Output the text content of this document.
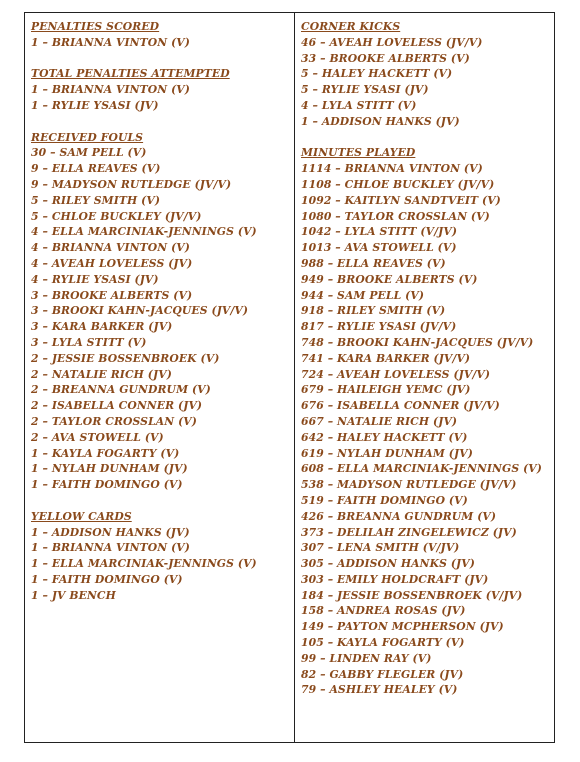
PENALTIES SCORED
1 – BRIANNA VINTON (V)
TOTAL PENALTIES ATTEMPTED
1 – BRIANNA VINTON (V)
1 – RYLIE YSASI (JV)
RECEIVED FOULS
30 – SAM PELL (V)
9 – ELLA REAVES (V)
9 – MADYSON RUTLEDGE (JV/V)
5 – RILEY SMITH (V)
5 – CHLOE BUCKLEY (JV/V)
4 – ELLA MARCINIAK-JENNINGS (V)
4 – BRIANNA VINTON (V)
4 – AVEAH LOVELESS (JV)
4 – RYLIE YSASI (JV)
3 – BROOKE ALBERTS (V)
3 – BROOKI KAHN-JACQUES (JV/V)
3 – KARA BARKER (JV)
3 – LYLA STITT (V)
2 – JESSIE BOSSENBROEK (V)
2 – NATALIE RICH (JV)
2 – BREANNA GUNDRUM (V)
2 – ISABELLA CONNER (JV)
2 – TAYLOR CROSSLAN (V)
2 – AVA STOWELL (V)
1 – KAYLA FOGARTY (V)
1 – NYLAH DUNHAM (JV)
1 – FAITH DOMINGO (V)
YELLOW CARDS
1 – ADDISON HANKS (JV)
1 – BRIANNA VINTON (V)
1 – ELLA MARCINIAK-JENNINGS (V)
1 – FAITH DOMINGO (V)
1 – JV BENCH
CORNER KICKS
46 – AVEAH LOVELESS (JV/V)
33 – BROOKE ALBERTS (V)
5 – HALEY HACKETT (V)
5 – RYLIE YSASI (JV)
4 – LYLA STITT (V)
1 – ADDISON HANKS (JV)
MINUTES PLAYED
1114 – BRIANNA VINTON (V)
1108 – CHLOE BUCKLEY (JV/V)
1092 – KAITLYN SANDTVEIT (V)
1080 – TAYLOR CROSSLAN (V)
1042 – LYLA STITT (V/JV)
1013 – AVA STOWELL (V)
988 – ELLA REAVES (V)
949 – BROOKE ALBERTS (V)
944 – SAM PELL (V)
918 – RILEY SMITH (V)
817 – RYLIE YSASI (JV/V)
748 – BROOKI KAHN-JACQUES (JV/V)
741 – KARA BARKER (JV/V)
724 – AVEAH LOVELESS (JV/V)
679 – HAILEIGH YEMC (JV)
676 – ISABELLA CONNER (JV/V)
667 – NATALIE RICH (JV)
642 – HALEY HACKETT (V)
619 – NYLAH DUNHAM (JV)
608 – ELLA MARCINIAK-JENNINGS (V)
538 – MADYSON RUTLEDGE (JV/V)
519 – FAITH DOMINGO (V)
426 – BREANNA GUNDRUM (V)
373 – DELILAH ZINGELEWICZ (JV)
307 – LENA SMITH (V/JV)
305 – ADDISON HANKS (JV)
303 – EMILY HOLDCRAFT (JV)
184 – JESSIE BOSSENBROEK (V/JV)
158 – ANDREA ROSAS (JV)
149 – PAYTON MCPHERSON (JV)
105 – KAYLA FOGARTY (V)
99 – LINDEN RAY (V)
82 – GABBY FLEGLER (JV)
79 – ASHLEY HEALEY (V)
